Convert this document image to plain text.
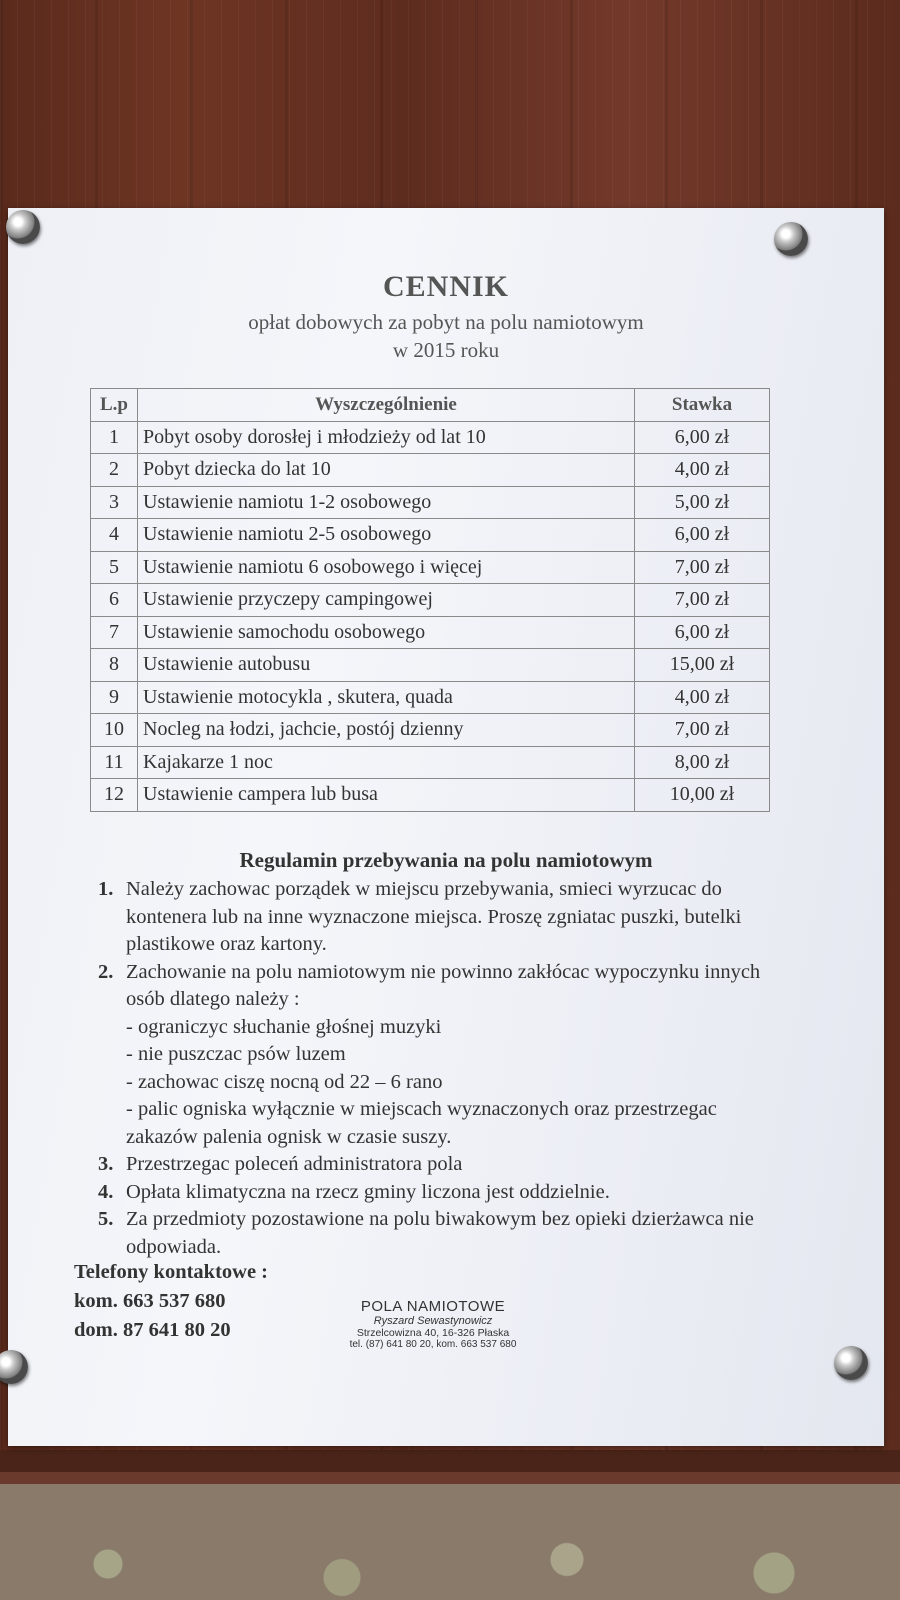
CENNIK
opłat dobowych za pobyt na polu namiotowym
w 2015 roku
L.p	Wyszczególnienie	Stawka
1	Pobyt osoby dorosłej i młodzieży od lat 10	6,00 zł
2	Pobyt dziecka do lat 10	4,00 zł
3	Ustawienie namiotu 1-2 osobowego	5,00 zł
4	Ustawienie namiotu 2-5 osobowego	6,00 zł
5	Ustawienie namiotu 6 osobowego i więcej	7,00 zł
6	Ustawienie przyczepy campingowej	7,00 zł
7	Ustawienie samochodu osobowego	6,00 zł
8	Ustawienie autobusu	15,00 zł
9	Ustawienie motocykla , skutera, quada	4,00 zł
10	Nocleg na łodzi, jachcie, postój dzienny	7,00 zł
11	Kajakarze 1 noc	8,00 zł
12	Ustawienie campera lub busa	10,00 zł
Regulamin przebywania na polu namiotowym
1. Należy zachowac porządek w miejscu przebywania, smieci wyrzucac do kontenera lub na inne wyznaczone miejsca. Proszę zgniatac puszki, butelki plastikowe oraz kartony.
2. Zachowanie na polu namiotowym nie powinno zakłócac wypoczynku innych osób dlatego należy :
- ograniczyc słuchanie głośnej muzyki
- nie puszczac psów luzem
- zachowac ciszę nocną od 22 – 6 rano
- palic ogniska wyłącznie w miejscach wyznaczonych oraz przestrzegac zakazów palenia ognisk w czasie suszy.
3. Przestrzegac poleceń administratora pola
4. Opłata klimatyczna na rzecz gminy liczona jest oddzielnie.
5. Za przedmioty pozostawione na polu biwakowym bez opieki dzierżawca nie odpowiada.
Telefony kontaktowe :
kom. 663 537 680
dom. 87 641 80 20
POLA NAMIOTOWE
Ryszard Sewastynowicz
Strzelcowizna 40, 16-326 Płaska
tel. (87) 641 80 20, kom. 663 537 680
